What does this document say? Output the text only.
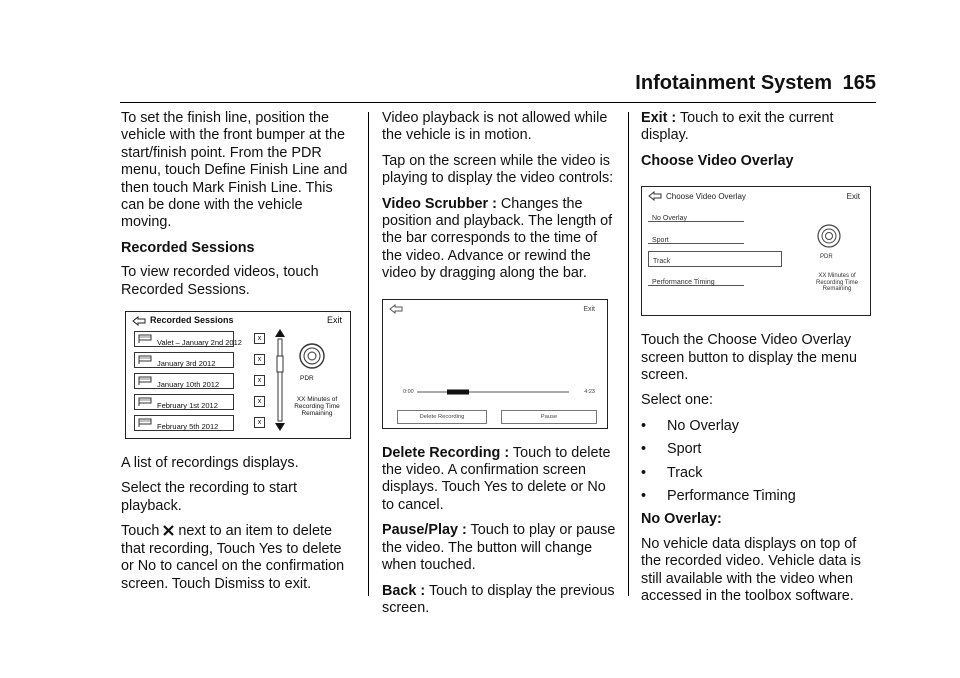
Infotainment System 165

To set the finish line, position the vehicle with the front bumper at the start/finish point. From the PDR menu, touch Define Finish Line and then touch Mark Finish Line. This can be done with the vehicle moving.

Recorded Sessions

To view recorded videos, touch Recorded Sessions.

Recorded Sessions	Exit
Valet – January 2nd 2012
January 3rd 2012
January 10th 2012
February 1st 2012
February 5th 2012
x
x
x
x
x
PDR
XX Minutes of Recording Time Remaining

A list of recordings displays.

Select the recording to start playback.

Touch next to an item to delete that recording, Touch Yes to delete or No to cancel on the confirmation screen. Touch Dismiss to exit.

Video playback is not allowed while the vehicle is in motion.

Tap on the screen while the video is playing to display the video controls:

Video Scrubber : Changes the position and playback. The length of the bar corresponds to the time of the video. Advance or rewind the video by dragging along the bar.

Exit
0:00	4:23
Delete Recording	Pause

Delete Recording : Touch to delete the video. A confirmation screen displays. Touch Yes to delete or No to cancel.

Pause/Play : Touch to play or pause the video. The button will change when touched.

Back : Touch to display the previous screen.

Exit : Touch to exit the current display.

Choose Video Overlay

Choose Video Overlay	Exit
No Overlay
Sport
Track
Performance Timing
PDR
XX Minutes of Recording Time Remaining

Touch the Choose Video Overlay screen button to display the menu screen.

Select one:

• No Overlay
• Sport
• Track
• Performance Timing

No Overlay:

No vehicle data displays on top of the recorded video. Vehicle data is still available with the video when accessed in the toolbox software.
